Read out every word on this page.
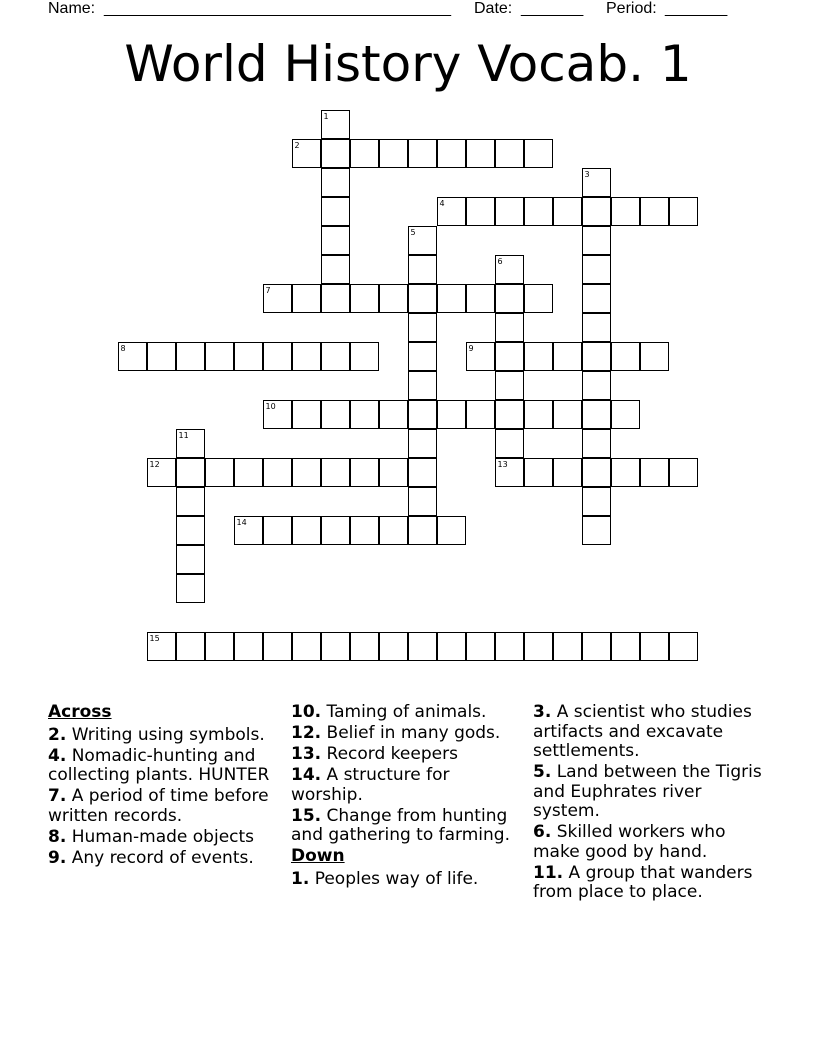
Name: _______________________________________ Date: _______ Period: _______
World History Vocab. 1
1
2
3
4
5
6
13
7
8	9
10
11
12
14
15
Across
2. Writing using symbols.
4. Nomadic-hunting and collecting plants. HUNTER
7. A period of time before written records.
8. Human-made objects
9. Any record of events.
10. Taming of animals.
12. Belief in many gods.
13. Record keepers
14. A structure for worship.
15. Change from hunting and gathering to farming.
Down
1. Peoples way of life.
3. A scientist who studies artifacts and excavate settlements.
5. Land between the Tigris and Euphrates river system.
6. Skilled workers who make good by hand.
11. A group that wanders from place to place.
